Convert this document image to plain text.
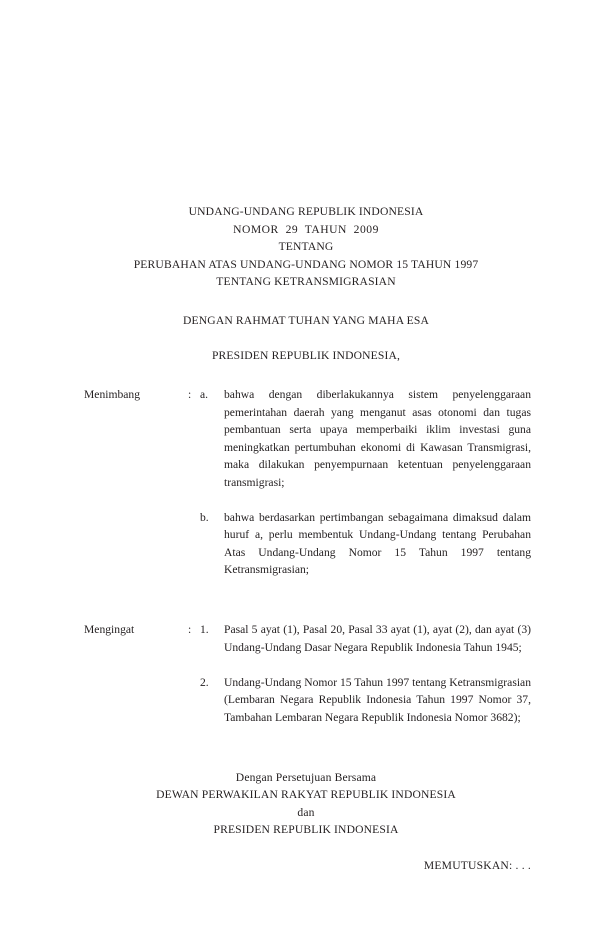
UNDANG-UNDANG REPUBLIK INDONESIA
NOMOR  29  TAHUN  2009
TENTANG
PERUBAHAN ATAS UNDANG-UNDANG NOMOR 15 TAHUN 1997
TENTANG KETRANSMIGRASIAN
DENGAN RAHMAT TUHAN YANG MAHA ESA
PRESIDEN REPUBLIK INDONESIA,
Menimbang	: a.	bahwa dengan diberlakukannya sistem penyelenggaraan pemerintahan daerah yang menganut asas otonomi dan tugas pembantuan serta upaya memperbaiki iklim investasi guna meningkatkan pertumbuhan ekonomi di Kawasan Transmigrasi, maka dilakukan penyempurnaan ketentuan penyelenggaraan transmigrasi;
b.	bahwa berdasarkan pertimbangan sebagaimana dimaksud dalam huruf a, perlu membentuk Undang-Undang tentang Perubahan Atas Undang-Undang Nomor 15 Tahun 1997 tentang Ketransmigrasian;
Mengingat	: 1.	Pasal 5 ayat (1), Pasal 20, Pasal 33 ayat (1), ayat (2), dan ayat (3) Undang-Undang Dasar Negara Republik Indonesia Tahun 1945;
2.	Undang-Undang Nomor 15 Tahun 1997 tentang Ketransmigrasian (Lembaran Negara Republik Indonesia Tahun 1997 Nomor 37, Tambahan Lembaran Negara Republik Indonesia Nomor 3682);
Dengan Persetujuan Bersama
DEWAN PERWAKILAN RAKYAT REPUBLIK INDONESIA
dan
PRESIDEN REPUBLIK INDONESIA
MEMUTUSKAN: . . .
